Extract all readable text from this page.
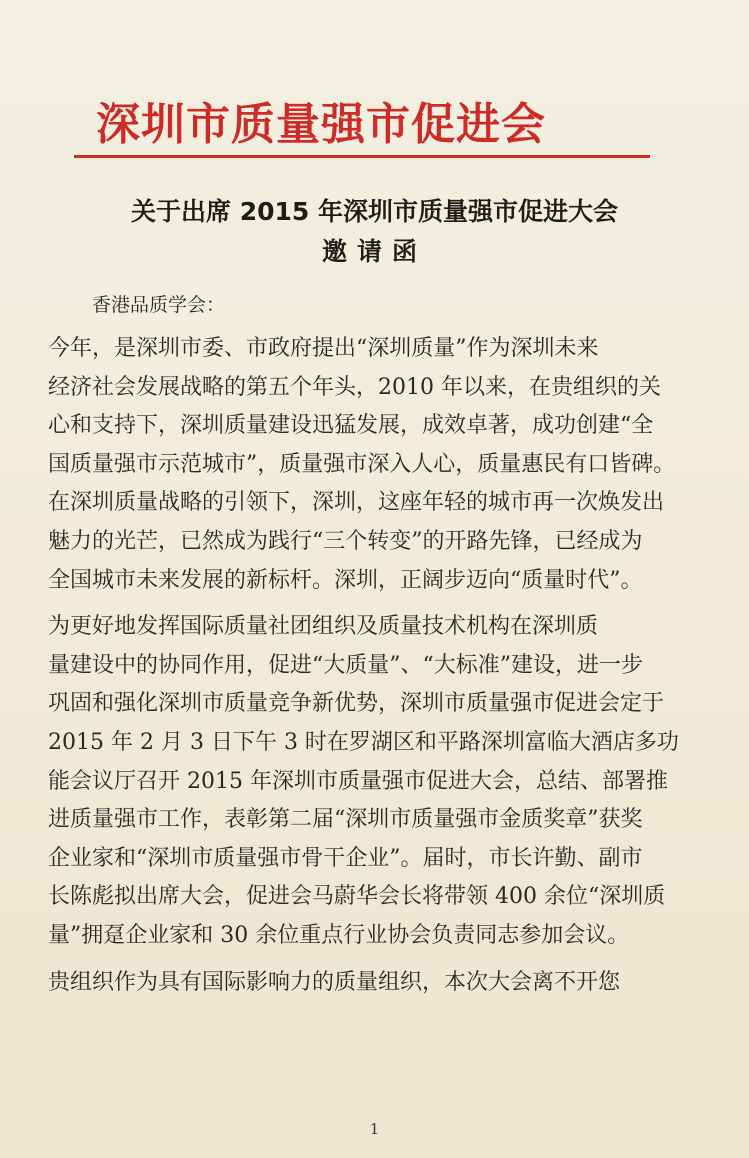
深圳市质量强市促进会
关于出席 2015 年深圳市质量强市促进大会
邀请函
香港品质学会：
今年，是深圳市委、市政府提出“深圳质量”作为深圳未来
经济社会发展战略的第五个年头，2010 年以来，在贵组织的关
心和支持下，深圳质量建设迅猛发展，成效卓著，成功创建“全
国质量强市示范城市”，质量强市深入人心，质量惠民有口皆碑。
在深圳质量战略的引领下，深圳，这座年轻的城市再一次焕发出
魅力的光芒，已然成为践行“三个转变”的开路先锋，已经成为
全国城市未来发展的新标杆。深圳，正阔步迈向“质量时代”。
为更好地发挥国际质量社团组织及质量技术机构在深圳质
量建设中的协同作用，促进“大质量”、“大标准”建设，进一步
巩固和强化深圳市质量竞争新优势，深圳市质量强市促进会定于
2015 年 2 月 3 日下午 3 时在罗湖区和平路深圳富临大酒店多功
能会议厅召开 2015 年深圳市质量强市促进大会，总结、部署推
进质量强市工作，表彰第二届“深圳市质量强市金质奖章”获奖
企业家和“深圳市质量强市骨干企业”。届时，市长许勤、副市
长陈彪拟出席大会，促进会马蔚华会长将带领 400 余位“深圳质
量”拥趸企业家和 30 余位重点行业协会负责同志参加会议。
贵组织作为具有国际影响力的质量组织，本次大会离不开您
1
